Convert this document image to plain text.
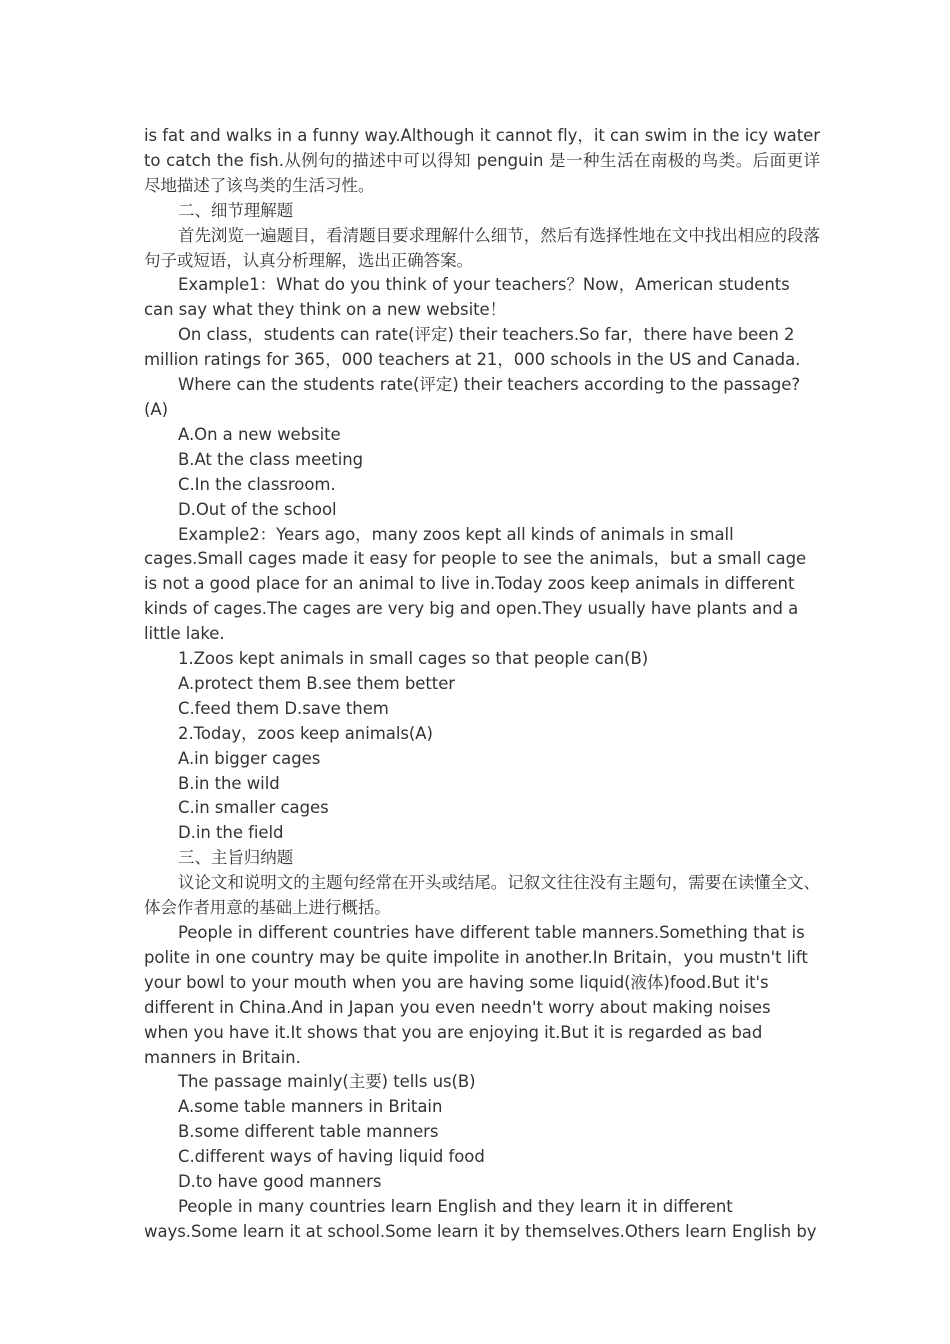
is fat and walks in a funny way.Although it cannot fly，it can swim in the icy water to catch the fish.从例句的描述中可以得知 penguin 是一种生活在南极的鸟类。后面更详尽地描述了该鸟类的生活习性。

二、细节理解题

首先浏览一遍题目，看清题目要求理解什么细节，然后有选择性地在文中找出相应的段落句子或短语，认真分析理解，选出正确答案。

Example1：What do you think of your teachers？Now，American students can say what they think on a new website！

On class，students can rate(评定) their teachers.So far，there have been 2 million ratings for 365，000 teachers at 21，000 schools in the US and Canada.

Where can the students rate(评定) their teachers according to the passage?(A)

A.On a new website

B.At the class meeting

C.In the classroom.

D.Out of the school

Example2：Years ago，many zoos kept all kinds of animals in small cages.Small cages made it easy for people to see the animals，but a small cage is not a good place for an animal to live in.Today zoos keep animals in different kinds of cages.The cages are very big and open.They usually have plants and a little lake.

1.Zoos kept animals in small cages so that people can(B)

A.protect them B.see them better

C.feed them D.save them

2.Today，zoos keep animals(A)

A.in bigger cages

B.in the wild

C.in smaller cages

D.in the field

三、主旨归纳题

议论文和说明文的主题句经常在开头或结尾。记叙文往往没有主题句，需要在读懂全文、体会作者用意的基础上进行概括。

People in different countries have different table manners.Something that is polite in one country may be quite impolite in another.In Britain，you mustn't lift your bowl to your mouth when you are having some liquid(液体)food.But it's different in China.And in Japan you even needn't worry about making noises when you have it.It shows that you are enjoying it.But it is regarded as bad manners in Britain.

The passage mainly(主要) tells us(B)

A.some table manners in Britain

B.some different table manners

C.different ways of having liquid food

D.to have good manners

People in many countries learn English and they learn it in different ways.Some learn it at school.Some learn it by themselves.Others learn English by
